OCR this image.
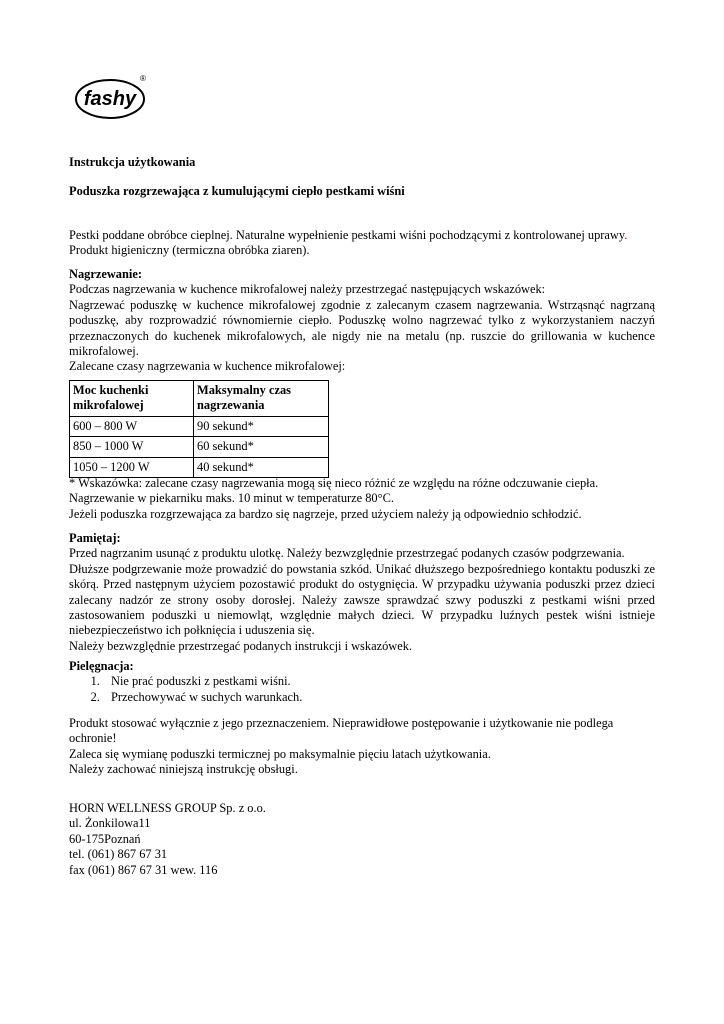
fashy
®

Instrukcja użytkowania

Poduszka rozgrzewająca z kumulującymi ciepło pestkami wiśni

Pestki poddane obróbce cieplnej. Naturalne wypełnienie pestkami wiśni pochodzącymi z kontrolowanej uprawy.

Produkt higieniczny (termiczna obróbka ziaren).

Nagrzewanie:

Podczas nagrzewania w kuchence mikrofalowej należy przestrzegać następujących wskazówek:

Nagrzewać poduszkę w kuchence mikrofalowej zgodnie z zalecanym czasem nagrzewania. Wstrząsnąć nagrzaną poduszkę, aby rozprowadzić równomiernie ciepło. Poduszkę wolno nagrzewać tylko z wykorzystaniem naczyń przeznaczonych do kuchenek mikrofalowych, ale nigdy nie na metalu (np. ruszcie do grillowania w kuchence mikrofalowej.

Zalecane czasy nagrzewania w kuchence mikrofalowej:

Moc kuchenki mikrofalowej	Maksymalny czas nagrzewania
600 – 800 W	90 sekund*
850 – 1000 W	60 sekund*
1050 – 1200 W	40 sekund*

* Wskazówka: zalecane czasy nagrzewania mogą się nieco różnić ze względu na różne odczuwanie ciepła.

Nagrzewanie w piekarniku maks. 10 minut w temperaturze 80°C.

Jeżeli poduszka rozgrzewająca za bardzo się nagrzeje, przed użyciem należy ją odpowiednio schłodzić.

Pamiętaj:

Przed nagrzanim usunąć z produktu ulotkę. Należy bezwzględnie przestrzegać podanych czasów podgrzewania.

Dłuższe podgrzewanie może prowadzić do powstania szkód. Unikać dłuższego bezpośredniego kontaktu poduszki ze skórą. Przed następnym użyciem pozostawić produkt do ostygnięcia. W przypadku używania poduszki przez dzieci zalecany nadzór ze strony osoby dorosłej. Należy zawsze sprawdzać szwy poduszki z pestkami wiśni przed zastosowaniem poduszki u niemowląt, względnie małych dzieci. W przypadku luźnych pestek wiśni istnieje niebezpieczeństwo ich połknięcia i uduszenia się.

Należy bezwzględnie przestrzegać podanych instrukcji i wskazówek.

Pielęgnacja:

1. Nie prać poduszki z pestkami wiśni.
2. Przechowywać w suchych warunkach.

Produkt stosować wyłącznie z jego przeznaczeniem. Nieprawidłowe postępowanie i użytkowanie nie podlega ochronie!

Zaleca się wymianę poduszki termicznej po maksymalnie pięciu latach użytkowania.

Należy zachować niniejszą instrukcję obsługi.

HORN WELLNESS GROUP Sp. z o.o.

ul. Żonkilowa11

60-175Poznań

tel. (061) 867 67 31

fax (061) 867 67 31 wew. 116
